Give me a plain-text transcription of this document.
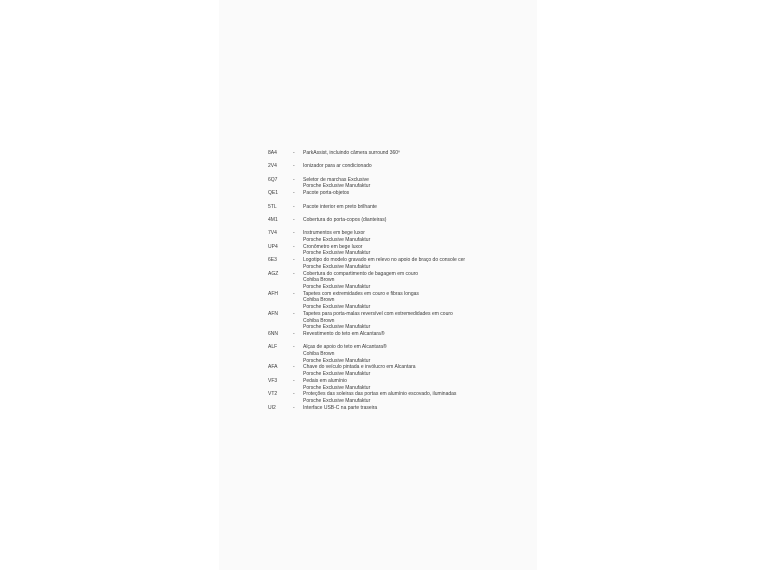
8A4	-	ParkAssist, incluindo câmera surround 360º
2V4	-	Ionizador para ar condicionado
6Q7	-	Seletor de marchas Exclusive
Porsche Exclusive Manufaktur
QE1	-	Pacote porta-objetos
5TL	-	Pacote interior em preto brilhante
4M1	-	Cobertura do porta-copos (dianteiras)
7V4	-	Instrumentos em bege luxor
Porsche Exclusive Manufaktur
UP4	-	Cronômetro em bege luxor
Porsche Exclusive Manufaktur
6E3	-	Logotipo do modelo gravado em relevo no apoio de braço do console cer
Porsche Exclusive Manufaktur
AGZ	-	Cobertura do compartimento de bagagem em couro
Cohiba Brown
Porsche Exclusive Manufaktur
AFH	-	Tapetes com extremidades em couro e fibras longas
Cohiba Brown
Porsche Exclusive Manufaktur
AFN	-	Tapetes para porta-malas reversível com extremedidades em couro
Cohiba Brown
Porsche Exclusive Manufaktur
6NN	-	Revestimento do teto em Alcantara®
ALF	-	Alças de apoio do teto em Alcantara®
Cohiba Brown
Porsche Exclusive Manufaktur
AFA	-	Chave do veículo pintada e invólucro em Alcantara
Porsche Exclusive Manufaktur
VF3	-	Pedais em alumínio
Porsche Exclusive Manufaktur
VT2	-	Proteções das soleiras das portas em alumínio escovado, iluminadas
Porsche Exclusive Manufaktur
UI2	-	Interface USB-C na parte traseira
